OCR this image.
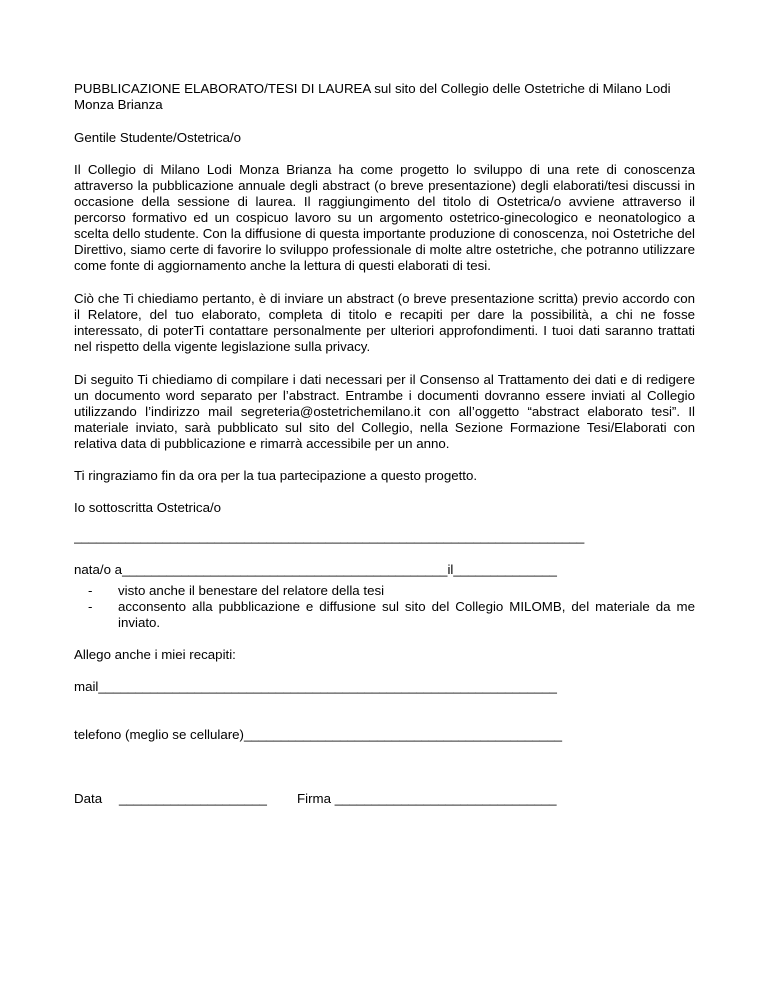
PUBBLICAZIONE ELABORATO/TESI DI LAUREA sul sito del Collegio delle Ostetriche di Milano Lodi Monza Brianza

Gentile Studente/Ostetrica/o

Il Collegio di Milano Lodi Monza Brianza ha come progetto lo sviluppo di una rete di conoscenza attraverso la pubblicazione annuale degli abstract (o breve presentazione) degli elaborati/tesi discussi in occasione della sessione di laurea. Il raggiungimento del titolo di Ostetrica/o avviene attraverso il percorso formativo ed un cospicuo lavoro su un argomento ostetrico-ginecologico e neonatologico a scelta dello studente. Con la diffusione di questa importante produzione di conoscenza, noi Ostetriche del Direttivo, siamo certe di favorire lo sviluppo professionale di molte altre ostetriche, che potranno utilizzare come fonte di aggiornamento anche la lettura di questi elaborati di tesi.

Ciò che Ti chiediamo pertanto, è di inviare un abstract (o breve presentazione scritta) previo accordo con il Relatore, del tuo elaborato, completa di titolo e recapiti per dare la possibilità, a chi ne fosse interessato, di poterTi contattare personalmente per ulteriori approfondimenti. I tuoi dati saranno trattati nel rispetto della vigente legislazione sulla privacy.

Di seguito Ti chiediamo di compilare i dati necessari per il Consenso al Trattamento dei dati e di redigere un documento word separato per l’abstract. Entrambe i documenti dovranno essere inviati al Collegio utilizzando l’indirizzo mail segreteria@ostetrichemilano.it con all’oggetto “abstract elaborato tesi”. Il materiale inviato, sarà pubblicato sul sito del Collegio, nella Sezione Formazione Tesi/Elaborati con relativa data di pubblicazione e rimarrà accessibile per un anno.

Ti ringraziamo fin da ora per la tua partecipazione a questo progetto.

Io sottoscritta Ostetrica/o

_____________________________________________________________________
nata/o a____________________________________________il______________
- visto anche il benestare del relatore della tesi
- acconsento alla pubblicazione e diffusione sul sito del Collegio MILOMB, del materiale da me inviato.

Allego anche i miei recapiti:

mail______________________________________________________________
telefono (meglio se cellulare)___________________________________________
Data	____________________	Firma
______________________________
